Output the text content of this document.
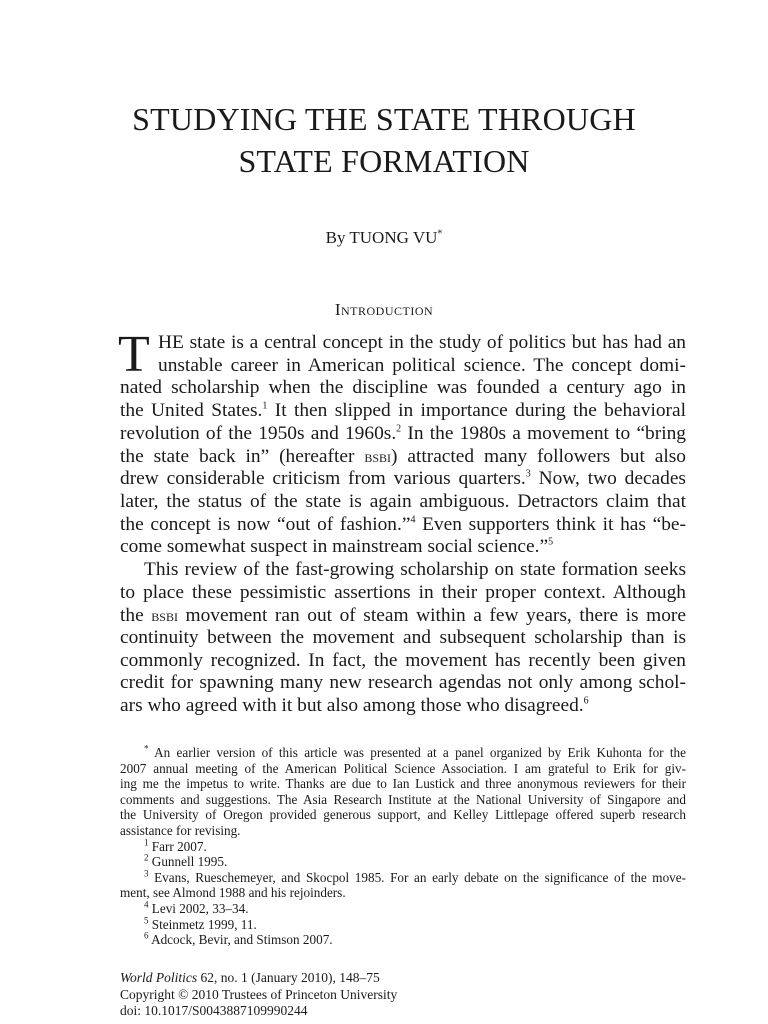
STUDYING THE STATE THROUGH
STATE FORMATION
By TUONG VU*
Introduction
T HE state is a central concept in the study of politics but has had an
unstable career in American political science. The concept domi-
nated scholarship when the discipline was founded a century ago in
the United States.$^1$ It then slipped in importance during the behavioral
revolution of the 1950s and 1960s.$^2$ In the 1980s a movement to “bring
the state back in” (hereafter bsbi) attracted many followers but also
drew considerable criticism from various quarters.$^3$ Now, two decades
later, the status of the state is again ambiguous. Detractors claim that
the concept is now “out of fashion.”$^4$ Even supporters think it has “be-
come somewhat suspect in mainstream social science.”$^5$
This review of the fast-growing scholarship on state formation seeks
to place these pessimistic assertions in their proper context. Although
the bsbi movement ran out of steam within a few years, there is more
continuity between the movement and subsequent scholarship than is
commonly recognized. In fact, the movement has recently been given
credit for spawning many new research agendas not only among schol-
ars who agreed with it but also among those who disagreed.$^6$
* An earlier version of this article was presented at a panel organized by Erik Kuhonta for the
2007 annual meeting of the American Political Science Association. I am grateful to Erik for giv-
ing me the impetus to write. Thanks are due to Ian Lustick and three anonymous reviewers for their
comments and suggestions. The Asia Research Institute at the National University of Singapore and
the University of Oregon provided generous support, and Kelley Littlepage offered superb research
assistance for revising.
$^1$ Farr 2007.
$^2$ Gunnell 1995.
$^3$ Evans, Rueschemeyer, and Skocpol 1985. For an early debate on the significance of the move-
ment, see Almond 1988 and his rejoinders.
$^4$ Levi 2002, 33–34.
$^5$ Steinmetz 1999, 11.
$^6$ Adcock, Bevir, and Stimson 2007.
World Politics 62, no. 1 (January 2010), 148–75
Copyright © 2010 Trustees of Princeton University
doi: 10.1017/S0043887109990244
